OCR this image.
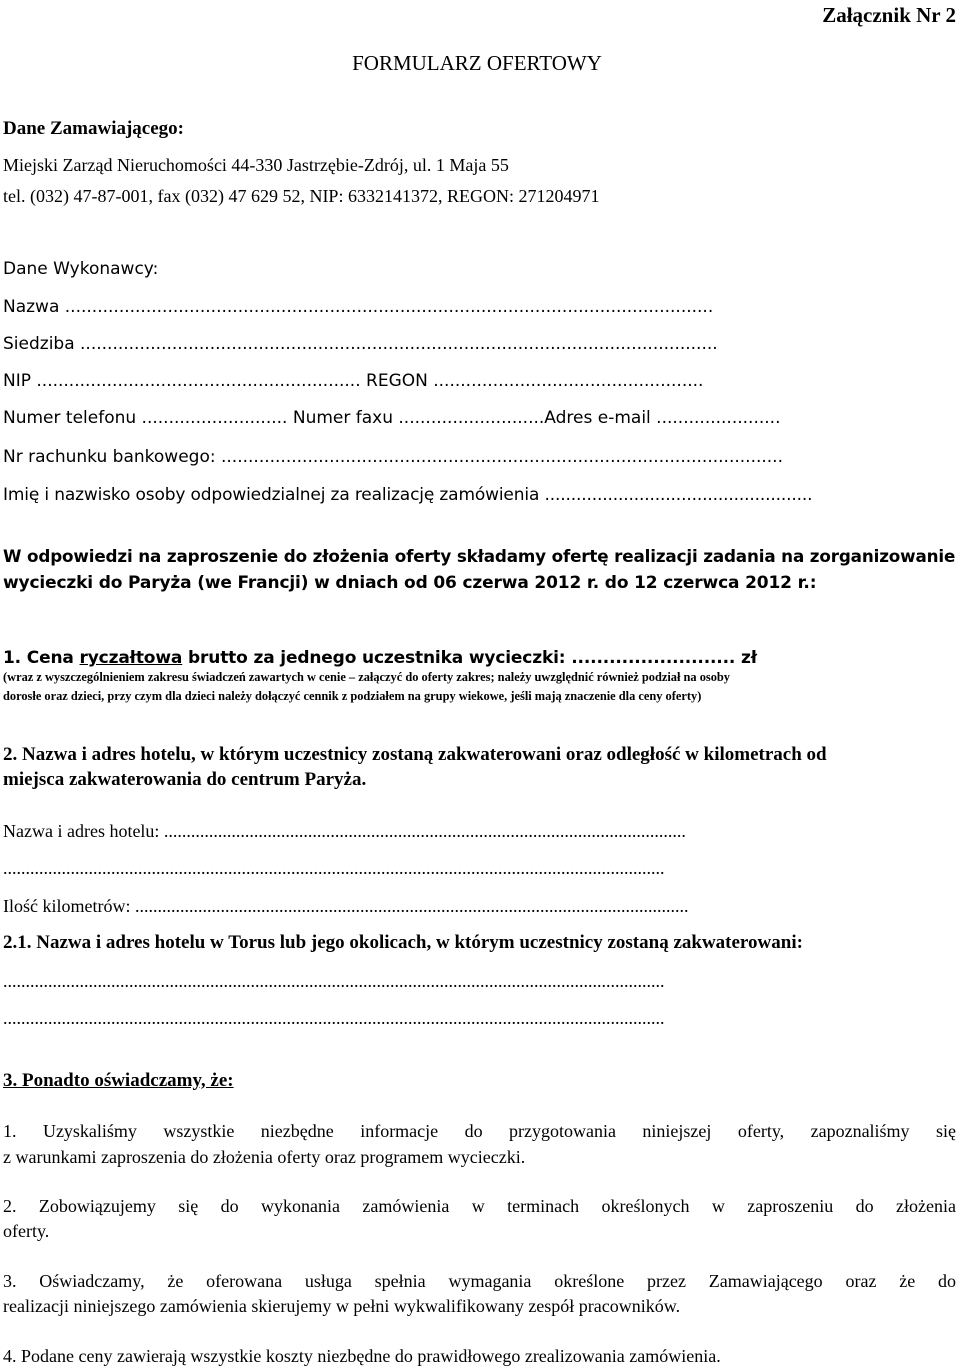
Załącznik Nr 2
FORMULARZ OFERTOWY
Dane Zamawiającego:
Miejski Zarząd Nieruchomości 44-330 Jastrzębie-Zdrój, ul. 1 Maja 55
tel. (032) 47-87-001, fax (032) 47 629 52, NIP: 6332141372, REGON: 271204971
Dane Wykonawcy:
Nazwa ........................................................................................................................
Siedziba ......................................................................................................................
NIP ............................................................ REGON ..................................................
Numer telefonu ........................... Numer faxu ...........................Adres e-mail .......................
Nr rachunku bankowego: ........................................................................................................
Imię i nazwisko osoby odpowiedzialnej za realizację zamówienia ...................................................
W odpowiedzi na zaproszenie do złożenia oferty składamy ofertę realizacji zadania na zorganizowanie
wycieczki do Paryża (we Francji) w dniach od 06 czerwa 2012 r. do 12 czerwca 2012 r.:
1. Cena ryczałtowa brutto za jednego uczestnika wycieczki: .......................... zł
(wraz z wyszczególnieniem zakresu świadczeń zawartych w cenie – załączyć do oferty zakres; należy uwzględnić również podział na osoby
dorosłe oraz dzieci, przy czym dla dzieci należy dołączyć cennik z podziałem na grupy wiekowe, jeśli mają znaczenie dla ceny oferty)
2. Nazwa i adres hotelu, w którym uczestnicy zostaną zakwaterowani oraz odległość w kilometrach od
miejsca zakwaterowania do centrum Paryża.
Nazwa i adres hotelu: ....................................................................................................................
...................................................................................................................................................
Ilość kilometrów: ...........................................................................................................................
2.1. Nazwa i adres hotelu w Torus lub jego okolicach, w którym uczestnicy zostaną zakwaterowani:
...................................................................................................................................................
...................................................................................................................................................
3. Ponadto oświadczamy, że:
1. Uzyskaliśmy wszystkie niezbędne informacje do przygotowania niniejszej oferty, zapoznaliśmy się
z warunkami zaproszenia do złożenia oferty oraz programem wycieczki.
2. Zobowiązujemy się do wykonania zamówienia w terminach określonych w zaproszeniu do złożenia
oferty.
3. Oświadczamy, że oferowana usługa spełnia wymagania określone przez Zamawiającego oraz że do
realizacji niniejszego zamówienia skierujemy w pełni wykwalifikowany zespół pracowników.
4. Podane ceny zawierają wszystkie koszty niezbędne do prawidłowego zrealizowania zamówienia.
